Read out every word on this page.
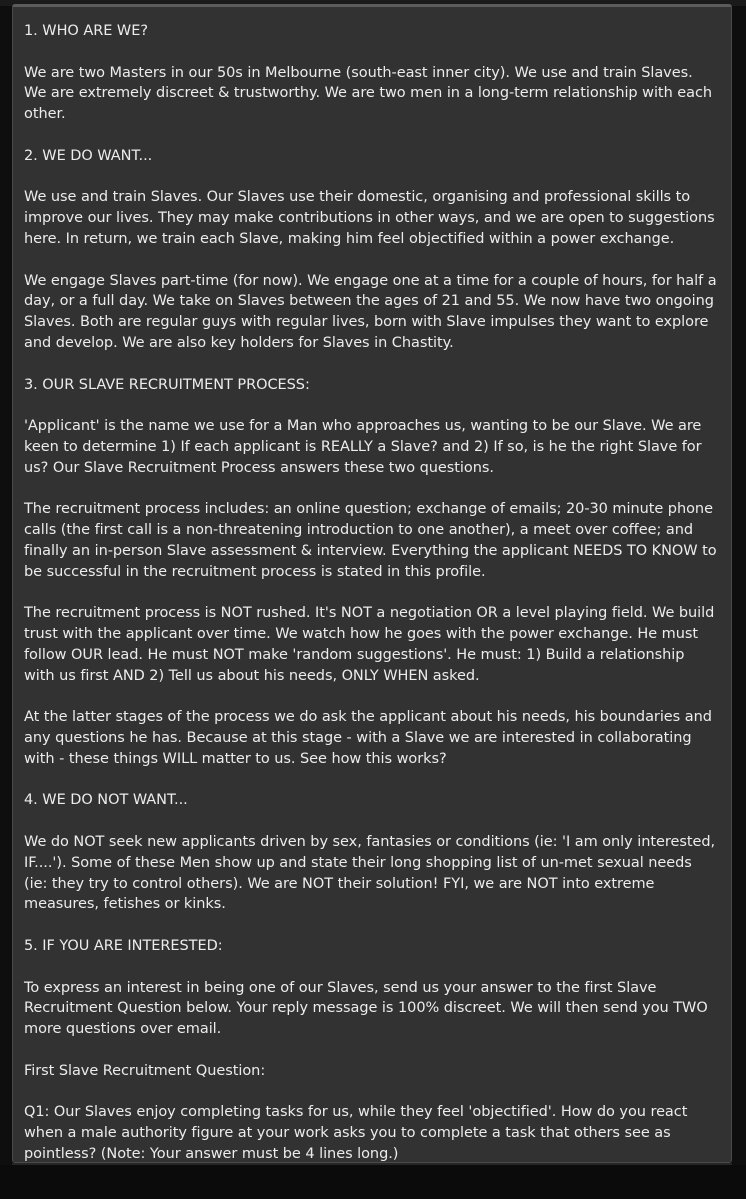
1. WHO ARE WE?

We are two Masters in our 50s in Melbourne (south-east inner city). We use and train Slaves. We are extremely discreet & trustworthy. We are two men in a long-term relationship with each other.

2. WE DO WANT...

We use and train Slaves. Our Slaves use their domestic, organising and professional skills to improve our lives. They may make contributions in other ways, and we are open to suggestions here. In return, we train each Slave, making him feel objectified within a power exchange.

We engage Slaves part-time (for now). We engage one at a time for a couple of hours, for half a day, or a full day. We take on Slaves between the ages of 21 and 55. We now have two ongoing Slaves. Both are regular guys with regular lives, born with Slave impulses they want to explore and develop. We are also key holders for Slaves in Chastity.

3. OUR SLAVE RECRUITMENT PROCESS:

'Applicant' is the name we use for a Man who approaches us, wanting to be our Slave. We are keen to determine 1) If each applicant is REALLY a Slave? and 2) If so, is he the right Slave for us? Our Slave Recruitment Process answers these two questions.

The recruitment process includes: an online question; exchange of emails; 20-30 minute phone calls (the first call is a non-threatening introduction to one another), a meet over coffee; and finally an in-person Slave assessment & interview. Everything the applicant NEEDS TO KNOW to be successful in the recruitment process is stated in this profile.

The recruitment process is NOT rushed. It's NOT a negotiation OR a level playing field. We build trust with the applicant over time. We watch how he goes with the power exchange. He must follow OUR lead. He must NOT make 'random suggestions'. He must: 1) Build a relationship with us first AND 2) Tell us about his needs, ONLY WHEN asked.

At the latter stages of the process we do ask the applicant about his needs, his boundaries and any questions he has. Because at this stage - with a Slave we are interested in collaborating with - these things WILL matter to us. See how this works?

4. WE DO NOT WANT...

We do NOT seek new applicants driven by sex, fantasies or conditions (ie: 'I am only interested, IF....'). Some of these Men show up and state their long shopping list of un-met sexual needs (ie: they try to control others). We are NOT their solution! FYI, we are NOT into extreme measures, fetishes or kinks.

5. IF YOU ARE INTERESTED:

To express an interest in being one of our Slaves, send us your answer to the first Slave Recruitment Question below. Your reply message is 100% discreet. We will then send you TWO more questions over email.

First Slave Recruitment Question:

Q1: Our Slaves enjoy completing tasks for us, while they feel 'objectified'. How do you react when a male authority figure at your work asks you to complete a task that others see as pointless? (Note: Your answer must be 4 lines long.)
